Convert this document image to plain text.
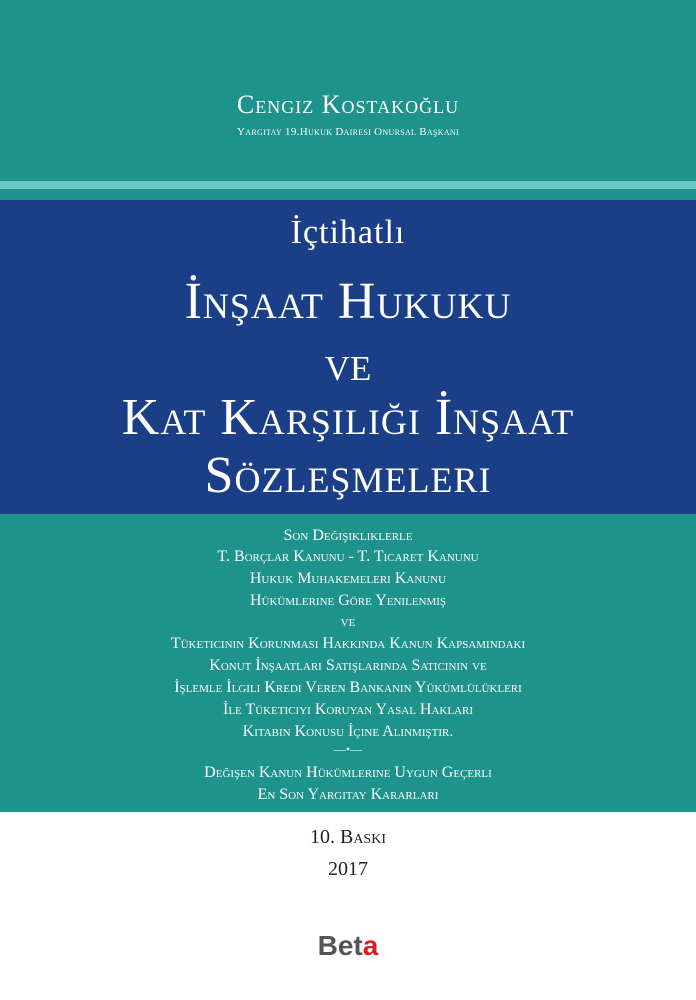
Cengiz Kostakoğlu
Yargıtay 19.Hukuk Dairesi Onursal Başkanı
İçtihatlı
İnşaat Hukuku
ve
Kat Karşılığı İnşaat
Sözleşmeleri
Son Değişikliklerle
T. Borçlar Kanunu - T. Ticaret Kanunu
Hukuk Muhakemeleri Kanunu
Hükümlerine Göre Yenilenmiş
ve
Tüketicinin Korunması Hakkında Kanun Kapsamındaki
Konut İnşaatları Satışlarında Satıcının ve
İşlemle İlgili Kredi Veren Bankanın Yükümlülükleri
İle Tüketiciyi Koruyan Yasal Hakları
Kitabın Konusu İçine Alınmıştır.
—•—
Değişen Kanun Hükümlerine Uygun Geçerli
En Son Yargıtay Kararları
10. Baskı
2017
Beta
